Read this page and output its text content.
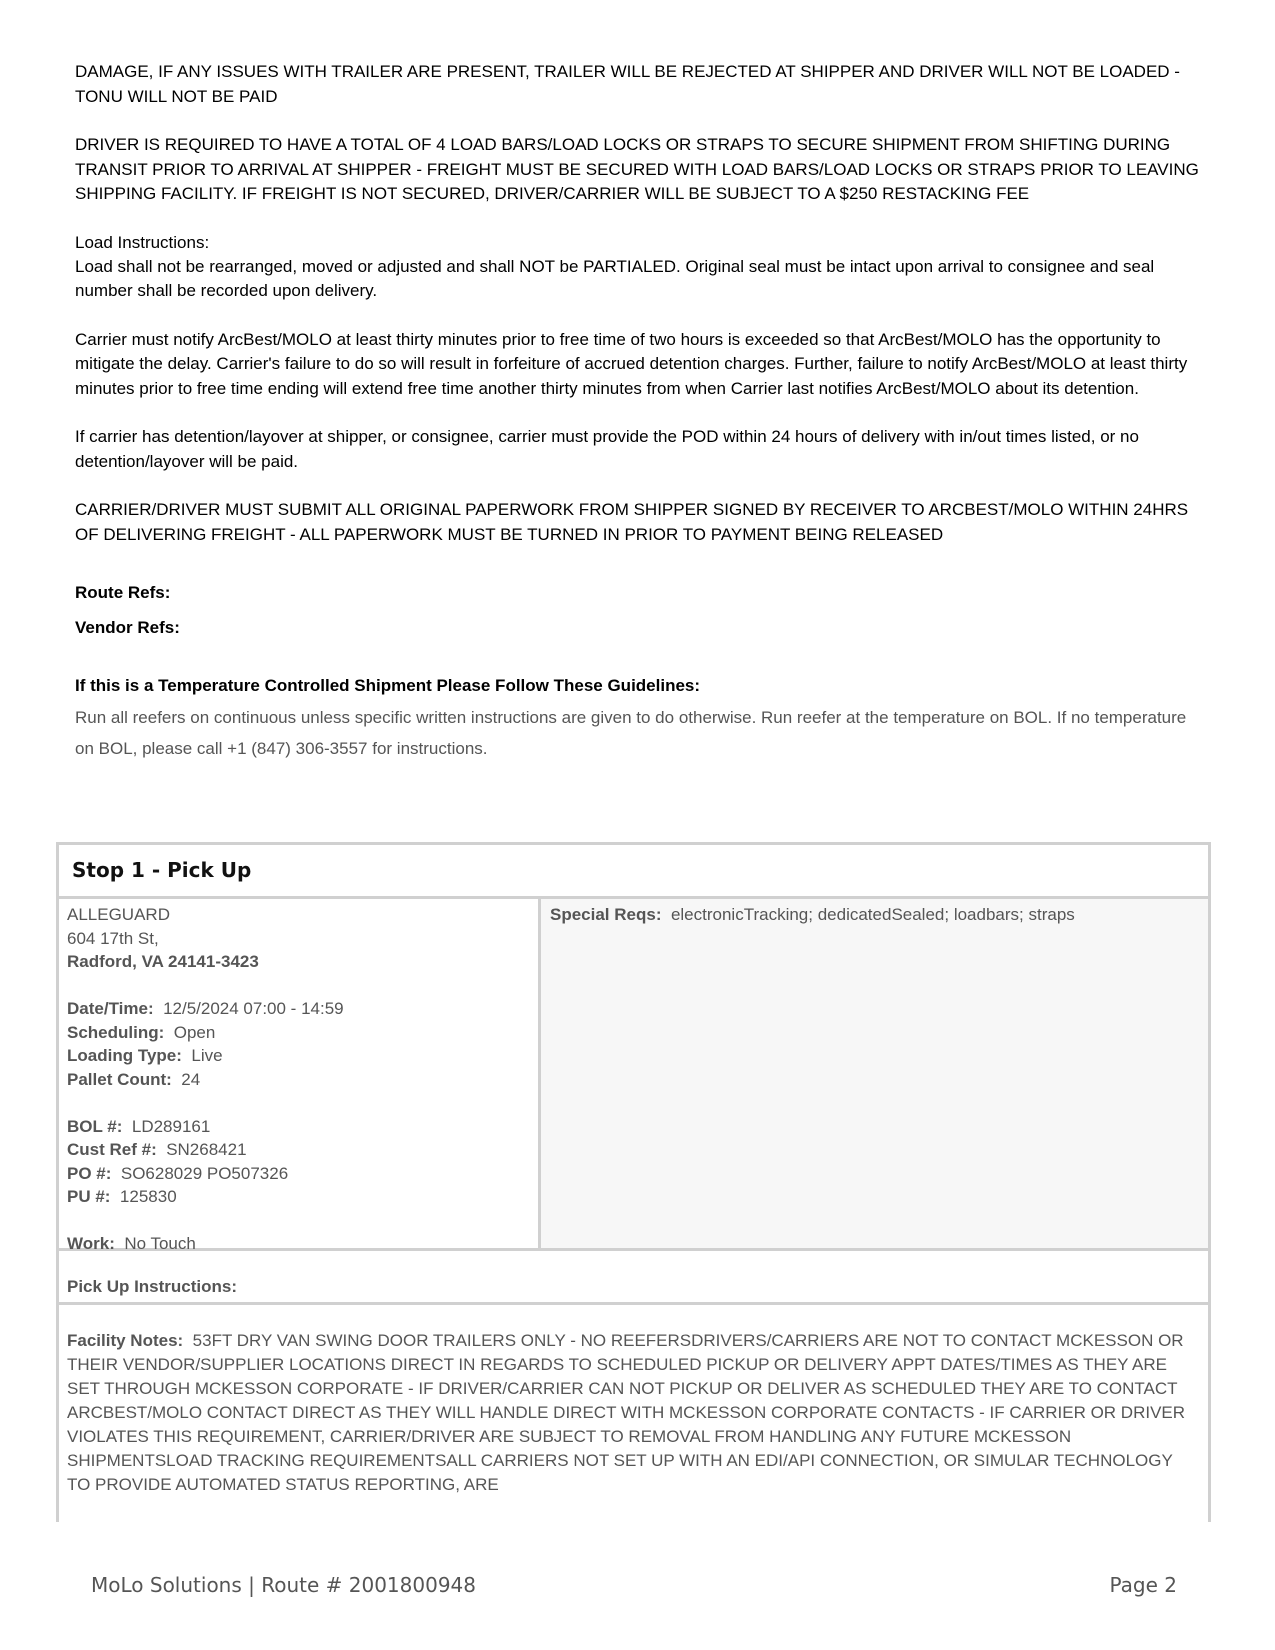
DAMAGE, IF ANY ISSUES WITH TRAILER ARE PRESENT, TRAILER WILL BE REJECTED AT SHIPPER AND DRIVER WILL NOT BE LOADED - TONU WILL NOT BE PAID

DRIVER IS REQUIRED TO HAVE A TOTAL OF 4 LOAD BARS/LOAD LOCKS OR STRAPS TO SECURE SHIPMENT FROM SHIFTING DURING TRANSIT PRIOR TO ARRIVAL AT SHIPPER - FREIGHT MUST BE SECURED WITH LOAD BARS/LOAD LOCKS OR STRAPS PRIOR TO LEAVING SHIPPING FACILITY. IF FREIGHT IS NOT SECURED, DRIVER/CARRIER WILL BE SUBJECT TO A $250 RESTACKING FEE

Load Instructions:

Load shall not be rearranged, moved or adjusted and shall NOT be PARTIALED. Original seal must be intact upon arrival to consignee and seal number shall be recorded upon delivery.

Carrier must notify ArcBest/MOLO at least thirty minutes prior to free time of two hours is exceeded so that ArcBest/MOLO has the opportunity to mitigate the delay. Carrier's failure to do so will result in forfeiture of accrued detention charges. Further, failure to notify ArcBest/MOLO at least thirty minutes prior to free time ending will extend free time another thirty minutes from when Carrier last notifies ArcBest/MOLO about its detention.

If carrier has detention/layover at shipper, or consignee, carrier must provide the POD within 24 hours of delivery with in/out times listed, or no detention/layover will be paid.

CARRIER/DRIVER MUST SUBMIT ALL ORIGINAL PAPERWORK FROM SHIPPER SIGNED BY RECEIVER TO ARCBEST/MOLO WITHIN 24HRS OF DELIVERING FREIGHT - ALL PAPERWORK MUST BE TURNED IN PRIOR TO PAYMENT BEING RELEASED

Route Refs:
Vendor Refs:
If this is a Temperature Controlled Shipment Please Follow These Guidelines:
Run all reefers on continuous unless specific written instructions are given to do otherwise. Run reefer at the temperature on BOL. If no temperature on BOL, please call +1 (847) 306-3557 for instructions.
Stop 1 - Pick Up
ALLEGUARD
604 17th St,
Radford, VA 24141-3423
Date/Time: 12/5/2024 07:00 - 14:59
Scheduling: Open
Loading Type: Live
Pallet Count: 24
BOL #: LD289161
Cust Ref #: SN268421
PO #: SO628029 PO507326
PU #: 125830
Work: No Touch
Special Reqs: electronicTracking; dedicatedSealed; loadbars; straps
Pick Up Instructions:
Facility Notes: 53FT DRY VAN SWING DOOR TRAILERS ONLY - NO REEFERSDRIVERS/CARRIERS ARE NOT TO CONTACT MCKESSON OR THEIR VENDOR/SUPPLIER LOCATIONS DIRECT IN REGARDS TO SCHEDULED PICKUP OR DELIVERY APPT DATES/TIMES AS THEY ARE SET THROUGH MCKESSON CORPORATE - IF DRIVER/CARRIER CAN NOT PICKUP OR DELIVER AS SCHEDULED THEY ARE TO CONTACT ARCBEST/MOLO CONTACT DIRECT AS THEY WILL HANDLE DIRECT WITH MCKESSON CORPORATE CONTACTS - IF CARRIER OR DRIVER VIOLATES THIS REQUIREMENT, CARRIER/DRIVER ARE SUBJECT TO REMOVAL FROM HANDLING ANY FUTURE MCKESSON SHIPMENTSLOAD TRACKING REQUIREMENTSALL CARRIERS NOT SET UP WITH AN EDI/API CONNECTION, OR SIMULAR TECHNOLOGY TO PROVIDE AUTOMATED STATUS REPORTING, ARE
MoLo Solutions | Route # 2001800948	Page 2
